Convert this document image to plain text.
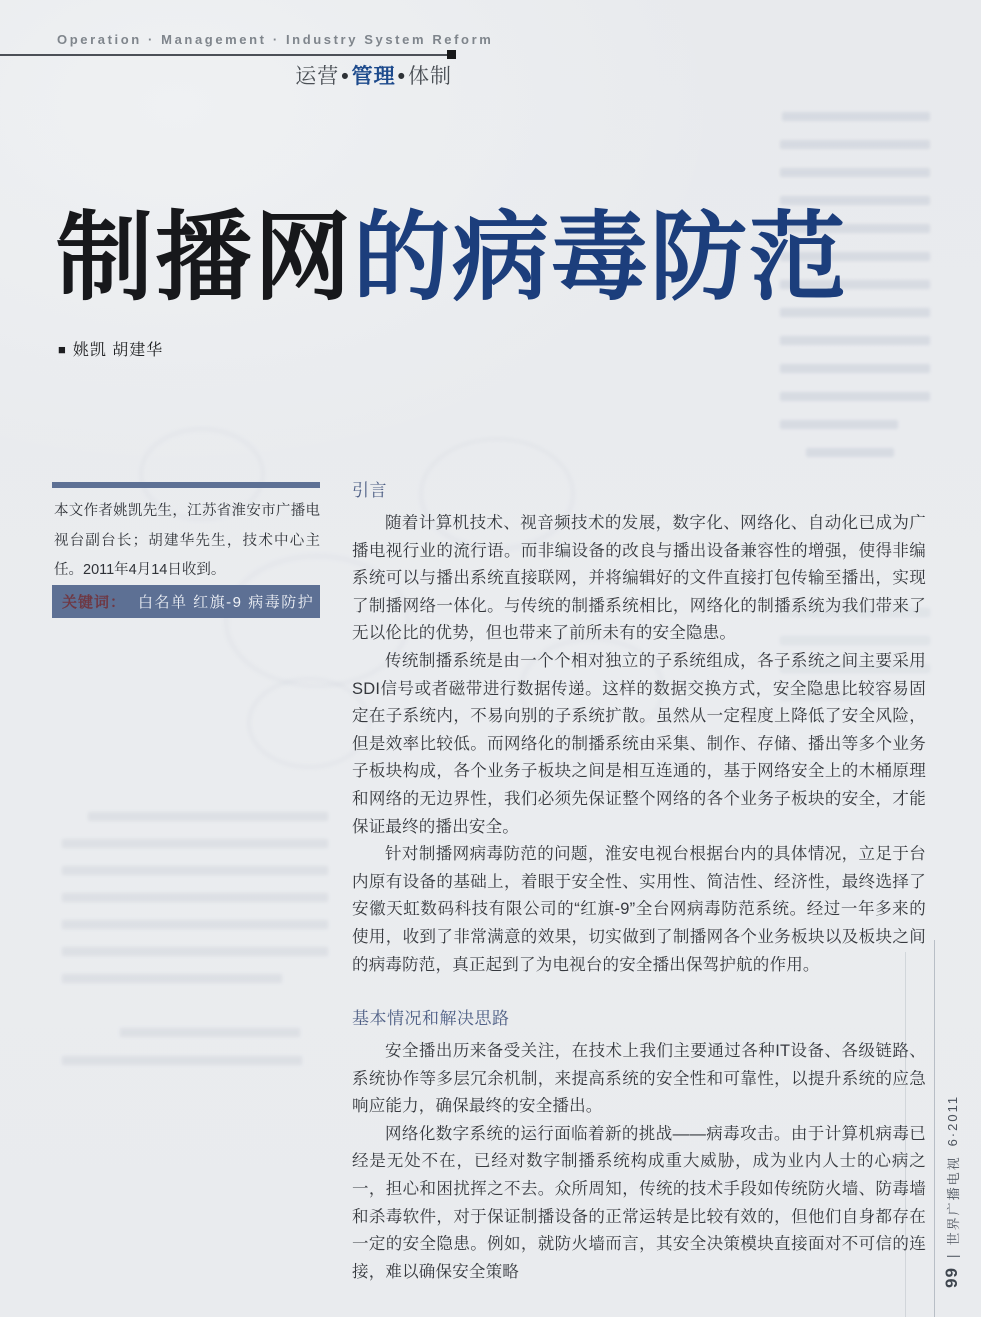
Operation · Management · Industry System Reform
运营•管理•体制
制播网的病毒防范
■ 姚凯 胡建华
本文作者姚凯先生，江苏省淮安市广播电视台副台长；胡建华先生，技术中心主任。2011年4月14日收到。
关键词： 白名单 红旗-9 病毒防护
引言

随着计算机技术、视音频技术的发展，数字化、网络化、自动化已成为广播电视行业的流行语。而非编设备的改良与播出设备兼容性的增强，使得非编系统可以与播出系统直接联网，并将编辑好的文件直接打包传输至播出，实现了制播网络一体化。与传统的制播系统相比，网络化的制播系统为我们带来了无以伦比的优势，但也带来了前所未有的安全隐患。

传统制播系统是由一个个相对独立的子系统组成，各子系统之间主要采用SDI信号或者磁带进行数据传递。这样的数据交换方式，安全隐患比较容易固定在子系统内，不易向别的子系统扩散。虽然从一定程度上降低了安全风险，但是效率比较低。而网络化的制播系统由采集、制作、存储、播出等多个业务子板块构成，各个业务子板块之间是相互连通的，基于网络安全上的木桶原理和网络的无边界性，我们必须先保证整个网络的各个业务子板块的安全，才能保证最终的播出安全。

针对制播网病毒防范的问题，淮安电视台根据台内的具体情况，立足于台内原有设备的基础上，着眼于安全性、实用性、简洁性、经济性，最终选择了安徽天虹数码科技有限公司的“红旗-9”全台网病毒防范系统。经过一年多来的使用，收到了非常满意的效果，切实做到了制播网各个业务板块以及板块之间的病毒防范，真正起到了为电视台的安全播出保驾护航的作用。

基本情况和解决思路

安全播出历来备受关注，在技术上我们主要通过各种IT设备、各级链路、系统协作等多层冗余机制，来提高系统的安全性和可靠性，以提升系统的应急响应能力，确保最终的安全播出。

网络化数字系统的运行面临着新的挑战——病毒攻击。由于计算机病毒已经是无处不在，已经对数字制播系统构成重大威胁，成为业内人士的心病之一，担心和困扰挥之不去。众所周知，传统的技术手段如传统防火墙、防毒墙和杀毒软件，对于保证制播设备的正常运转是比较有效的，但他们自身都存在一定的安全隐患。例如，就防火墙而言，其安全决策模块直接面对不可信的连接，难以确保安全策略	99
|
世界广播电视
6·2011
